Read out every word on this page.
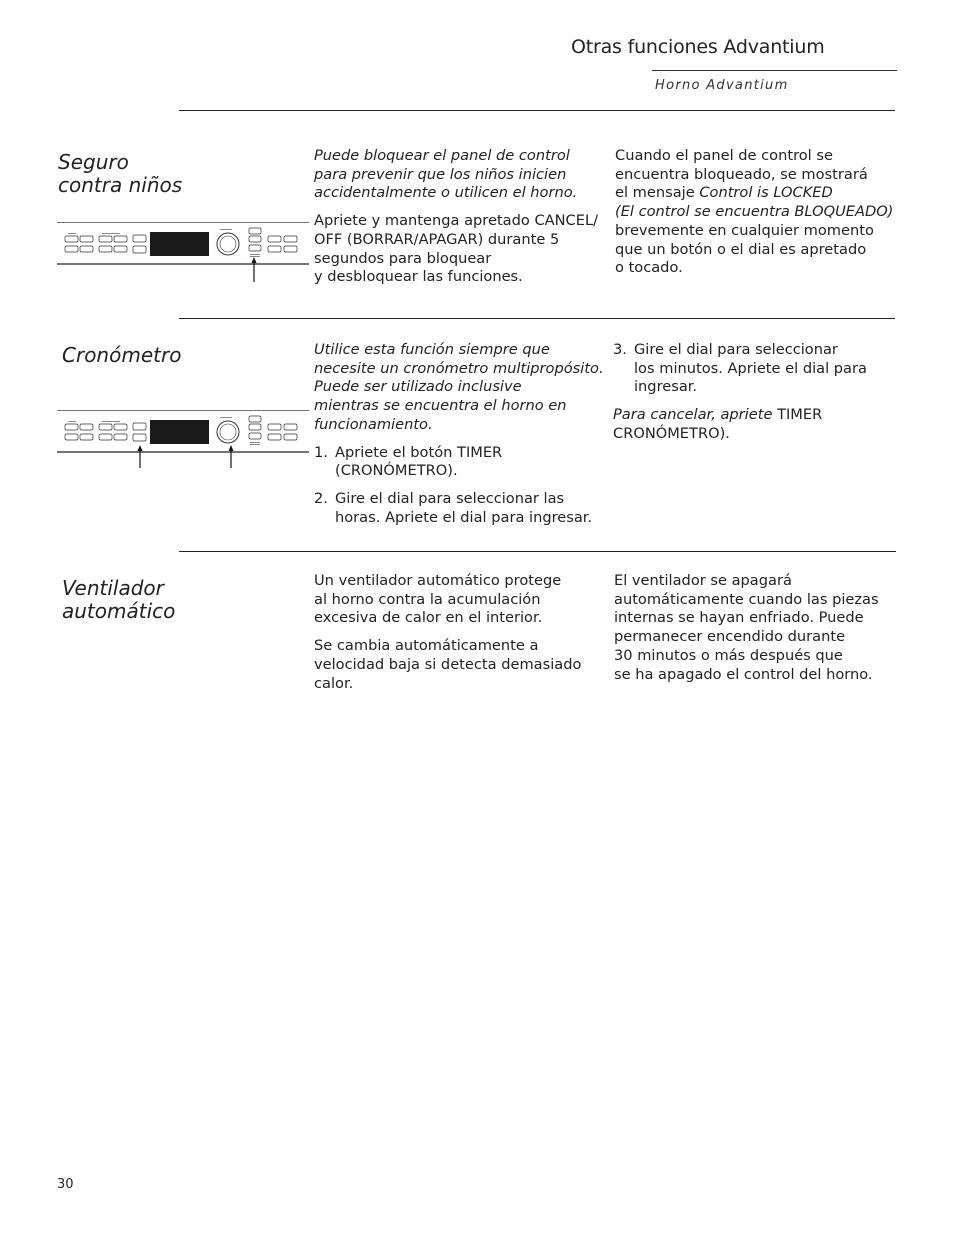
Otras funciones Advantium
Horno Advantium
Seguro
contra niños

Puede bloquear el panel de control
para prevenir que los niños inicien
accidentalmente o utilicen el horno.

Apriete y mantenga apretado CANCEL/
OFF (BORRAR/APAGAR) durante 5
segundos para bloquear
y desbloquear las funciones.

Cuando el panel de control se
encuentra bloqueado, se mostrará
el mensaje Control is LOCKED
(El control se encuentra BLOQUEADO)
brevemente en cualquier momento
que un botón o el dial es apretado
o tocado.

Cronómetro	Utilice esta función siempre que
necesite un cronómetro multipropósito.
Puede ser utilizado inclusive
mientras se encuentra el horno en
funcionamiento.

1. Apriete el botón TIMER
(CRONÓMETRO).
2. Gire el dial para seleccionar las
horas. Apriete el dial para ingresar.
3. Gire el dial para seleccionar
los minutos. Apriete el dial para
ingresar.

Para cancelar, apriete TIMER
CRONÓMETRO).

Ventilador
automático

Un ventilador automático protege
al horno contra la acumulación
excesiva de calor en el interior.

Se cambia automáticamente a
velocidad baja si detecta demasiado
calor.

El ventilador se apagará
automáticamente cuando las piezas
internas se hayan enfriado. Puede
permanecer encendido durante
30 minutos o más después que
se ha apagado el control del horno.

30
